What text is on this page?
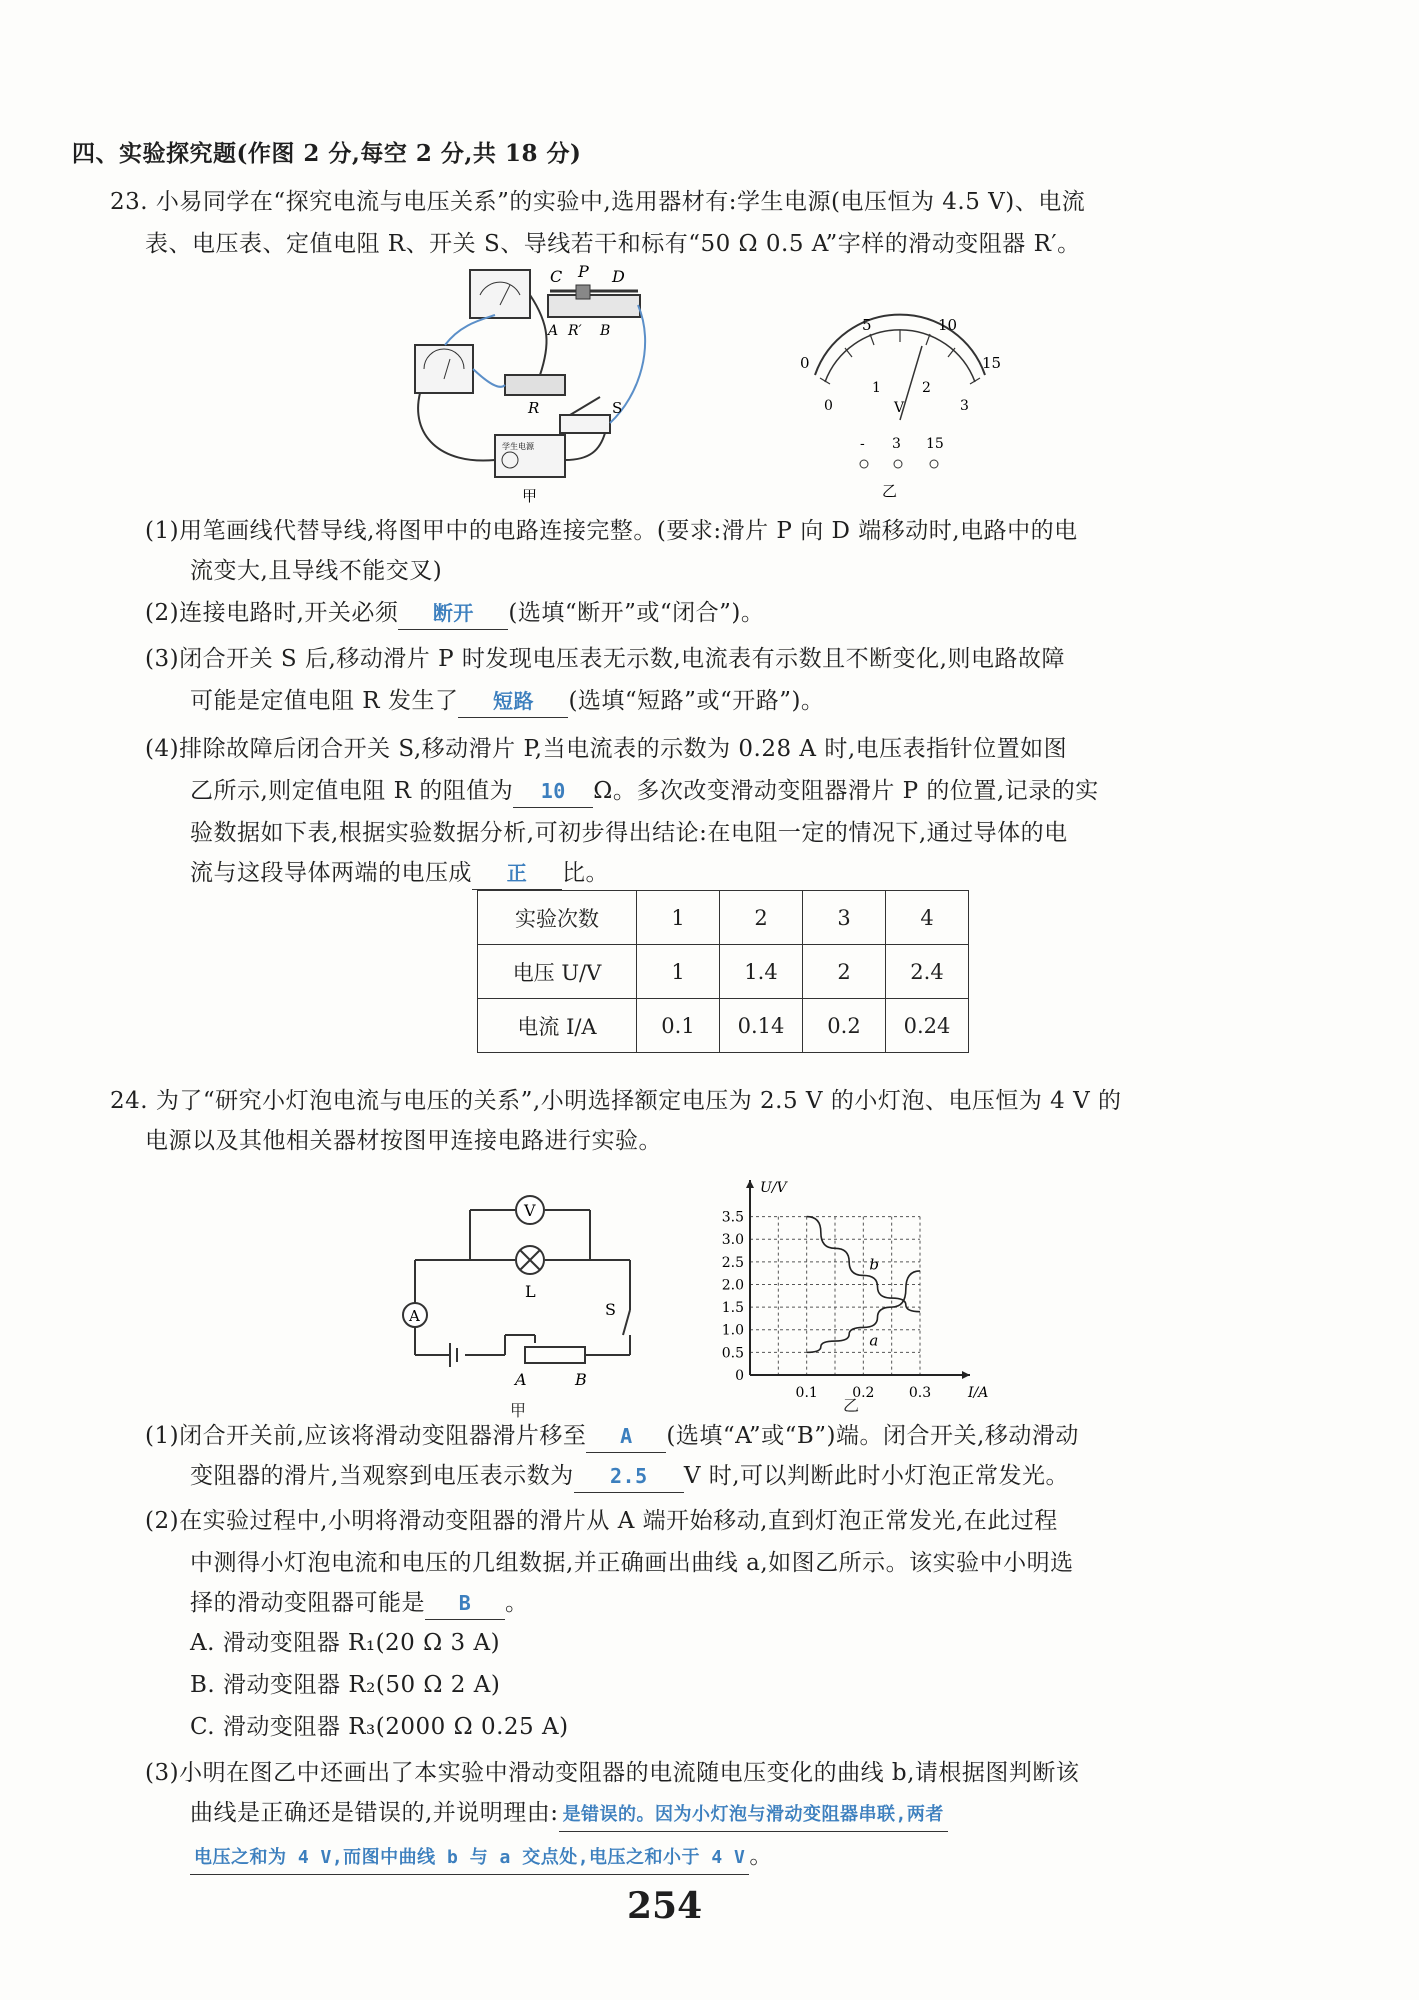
四、实验探究题(作图 2 分,每空 2 分,共 18 分)
23. 小易同学在“探究电流与电压关系”的实验中,选用器材有:学生电源(电压恒为 4.5 V)、电流
表、电压表、定值电阻 R、开关 S、导线若干和标有“50 Ω 0.5 A”字样的滑动变阻器 R′。
C P D
A R′ B
R	S
学生电源
甲
0
5	10
15
0
1	2
3
V
- 3 15
乙
(1)用笔画线代替导线,将图甲中的电路连接完整。(要求:滑片 P 向 D 端移动时,电路中的电
流变大,且导线不能交叉)
(2)连接电路时,开关必须 断开 (选填“断开”或“闭合”)。
(3)闭合开关 S 后,移动滑片 P 时发现电压表无示数,电流表有示数且不断变化,则电路故障
可能是定值电阻 R 发生了 短路 (选填“短路”或“开路”)。
(4)排除故障后闭合开关 S,移动滑片 P,当电流表的示数为 0.28 A 时,电压表指针位置如图
乙所示,则定值电阻 R 的阻值为 10 Ω。多次改变滑动变阻器滑片 P 的位置,记录的实
验数据如下表,根据实验数据分析,可初步得出结论:在电阻一定的情况下,通过导体的电
流与这段导体两端的电压成 正 比。
实验次数	1	2	3	4
电压 U/V	1	1.4	2	2.4
电流 I/A	0.1	0.14	0.2	0.24
24. 为了“研究小灯泡电流与电压的关系”,小明选择额定电压为 2.5 V 的小灯泡、电压恒为 4 V 的
电源以及其他相关器材按图甲连接电路进行实验。
V
A
L
S
A	B
甲
0
0.5
1.0
1.5
2.0
2.5
3.0
3.5
0.1 0.2 0.3
U/V
I/A
a
b
乙
(1)闭合开关前,应该将滑动变阻器滑片移至 A (选填“A”或“B”)端。闭合开关,移动滑动
变阻器的滑片,当观察到电压表示数为 2.5 V 时,可以判断此时小灯泡正常发光。
(2)在实验过程中,小明将滑动变阻器的滑片从 A 端开始移动,直到灯泡正常发光,在此过程
中测得小灯泡电流和电压的几组数据,并正确画出曲线 a,如图乙所示。该实验中小明选
择的滑动变阻器可能是 B 。
A. 滑动变阻器 R₁(20 Ω 3 A)
B. 滑动变阻器 R₂(50 Ω 2 A)
C. 滑动变阻器 R₃(2000 Ω 0.25 A)
(3)小明在图乙中还画出了本实验中滑动变阻器的电流随电压变化的曲线 b,请根据图判断该
曲线是正确还是错误的,并说明理由: 是错误的。因为小灯泡与滑动变阻器串联,两者
电压之和为 4 V,而图中曲线 b 与 a 交点处,电压之和小于 4 V 。
254
